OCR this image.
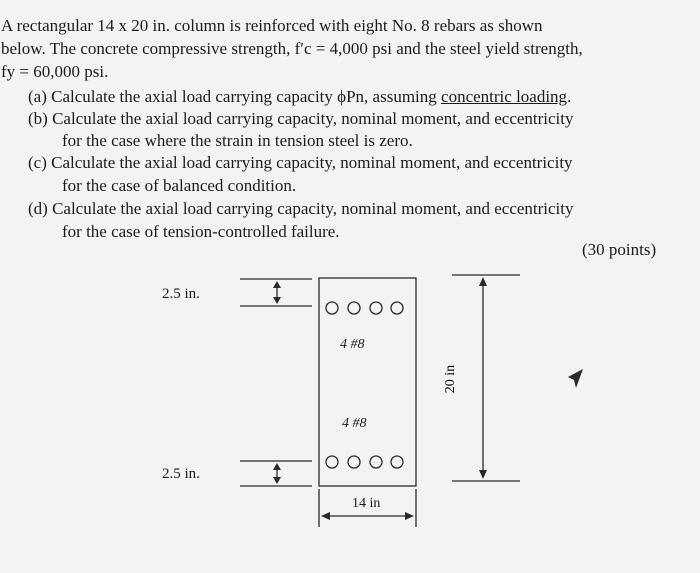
A rectangular 14 x 20 in. column is reinforced with eight No. 8 rebars as shown
below. The concrete compressive strength, f′c = 4,000 psi and the steel yield strength,
fy = 60,000 psi.
(a) Calculate the axial load carrying capacity ϕPn, assuming concentric loading.
(b) Calculate the axial load carrying capacity, nominal moment, and eccentricity
for the case where the strain in tension steel is zero.
(c) Calculate the axial load carrying capacity, nominal moment, and eccentricity
for the case of balanced condition.
(d) Calculate the axial load carrying capacity, nominal moment, and eccentricity
for the case of tension-controlled failure.
(30 points)
20 in
2.5 in.
2.5 in.
4 #8
4 #8
14 in
